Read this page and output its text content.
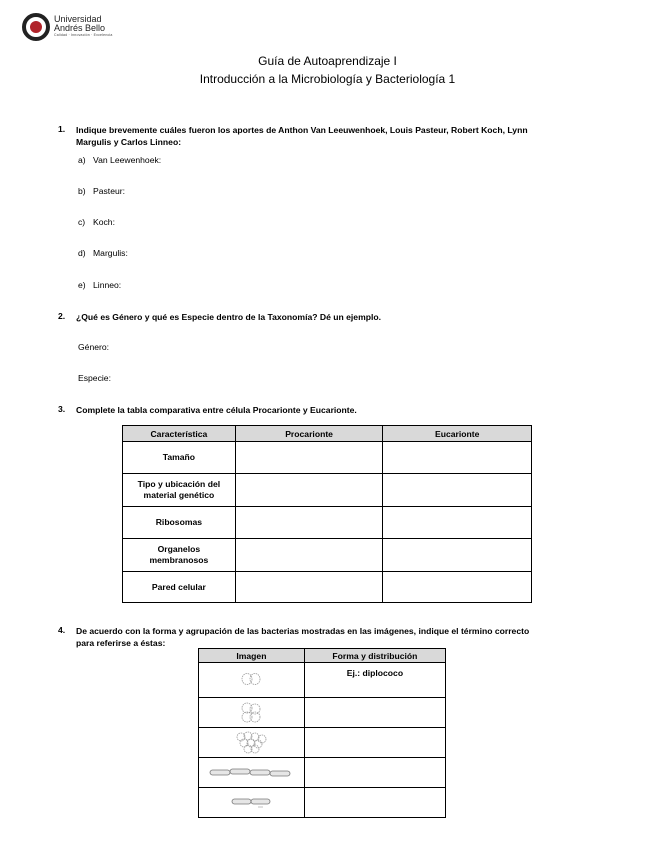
Universidad
Andrés Bello
Calidad · Innovación · Excelencia
Guía de Autoaprendizaje I
Introducción a la Microbiología y Bacteriología 1
1.	Indique brevemente cuáles fueron los aportes de Anthon Van Leeuwenhoek, Louis Pasteur, Robert Koch, Lynn
Margulis y Carlos Linneo:
a) Van Leewenhoek:
b) Pasteur:
c) Koch:
d) Margulis:
e) Linneo:
2.	¿Qué es Género y qué es Especie dentro de la Taxonomía? Dé un ejemplo.
Género:
Especie:
3.	Complete la tabla comparativa entre célula Procarionte y Eucarionte.
Característica	Procarionte	Eucarionte

Tamaño		

Tipo y ubicación del
material genético		

Ribosomas		

Organelos
membranosos		

Pared celular		

4.	De acuerdo con la forma y agrupación de las bacterias mostradas en las imágenes, indique el término correcto
para referirse a éstas:
Imagen	Forma y distribución
	Ej.: diplococo
